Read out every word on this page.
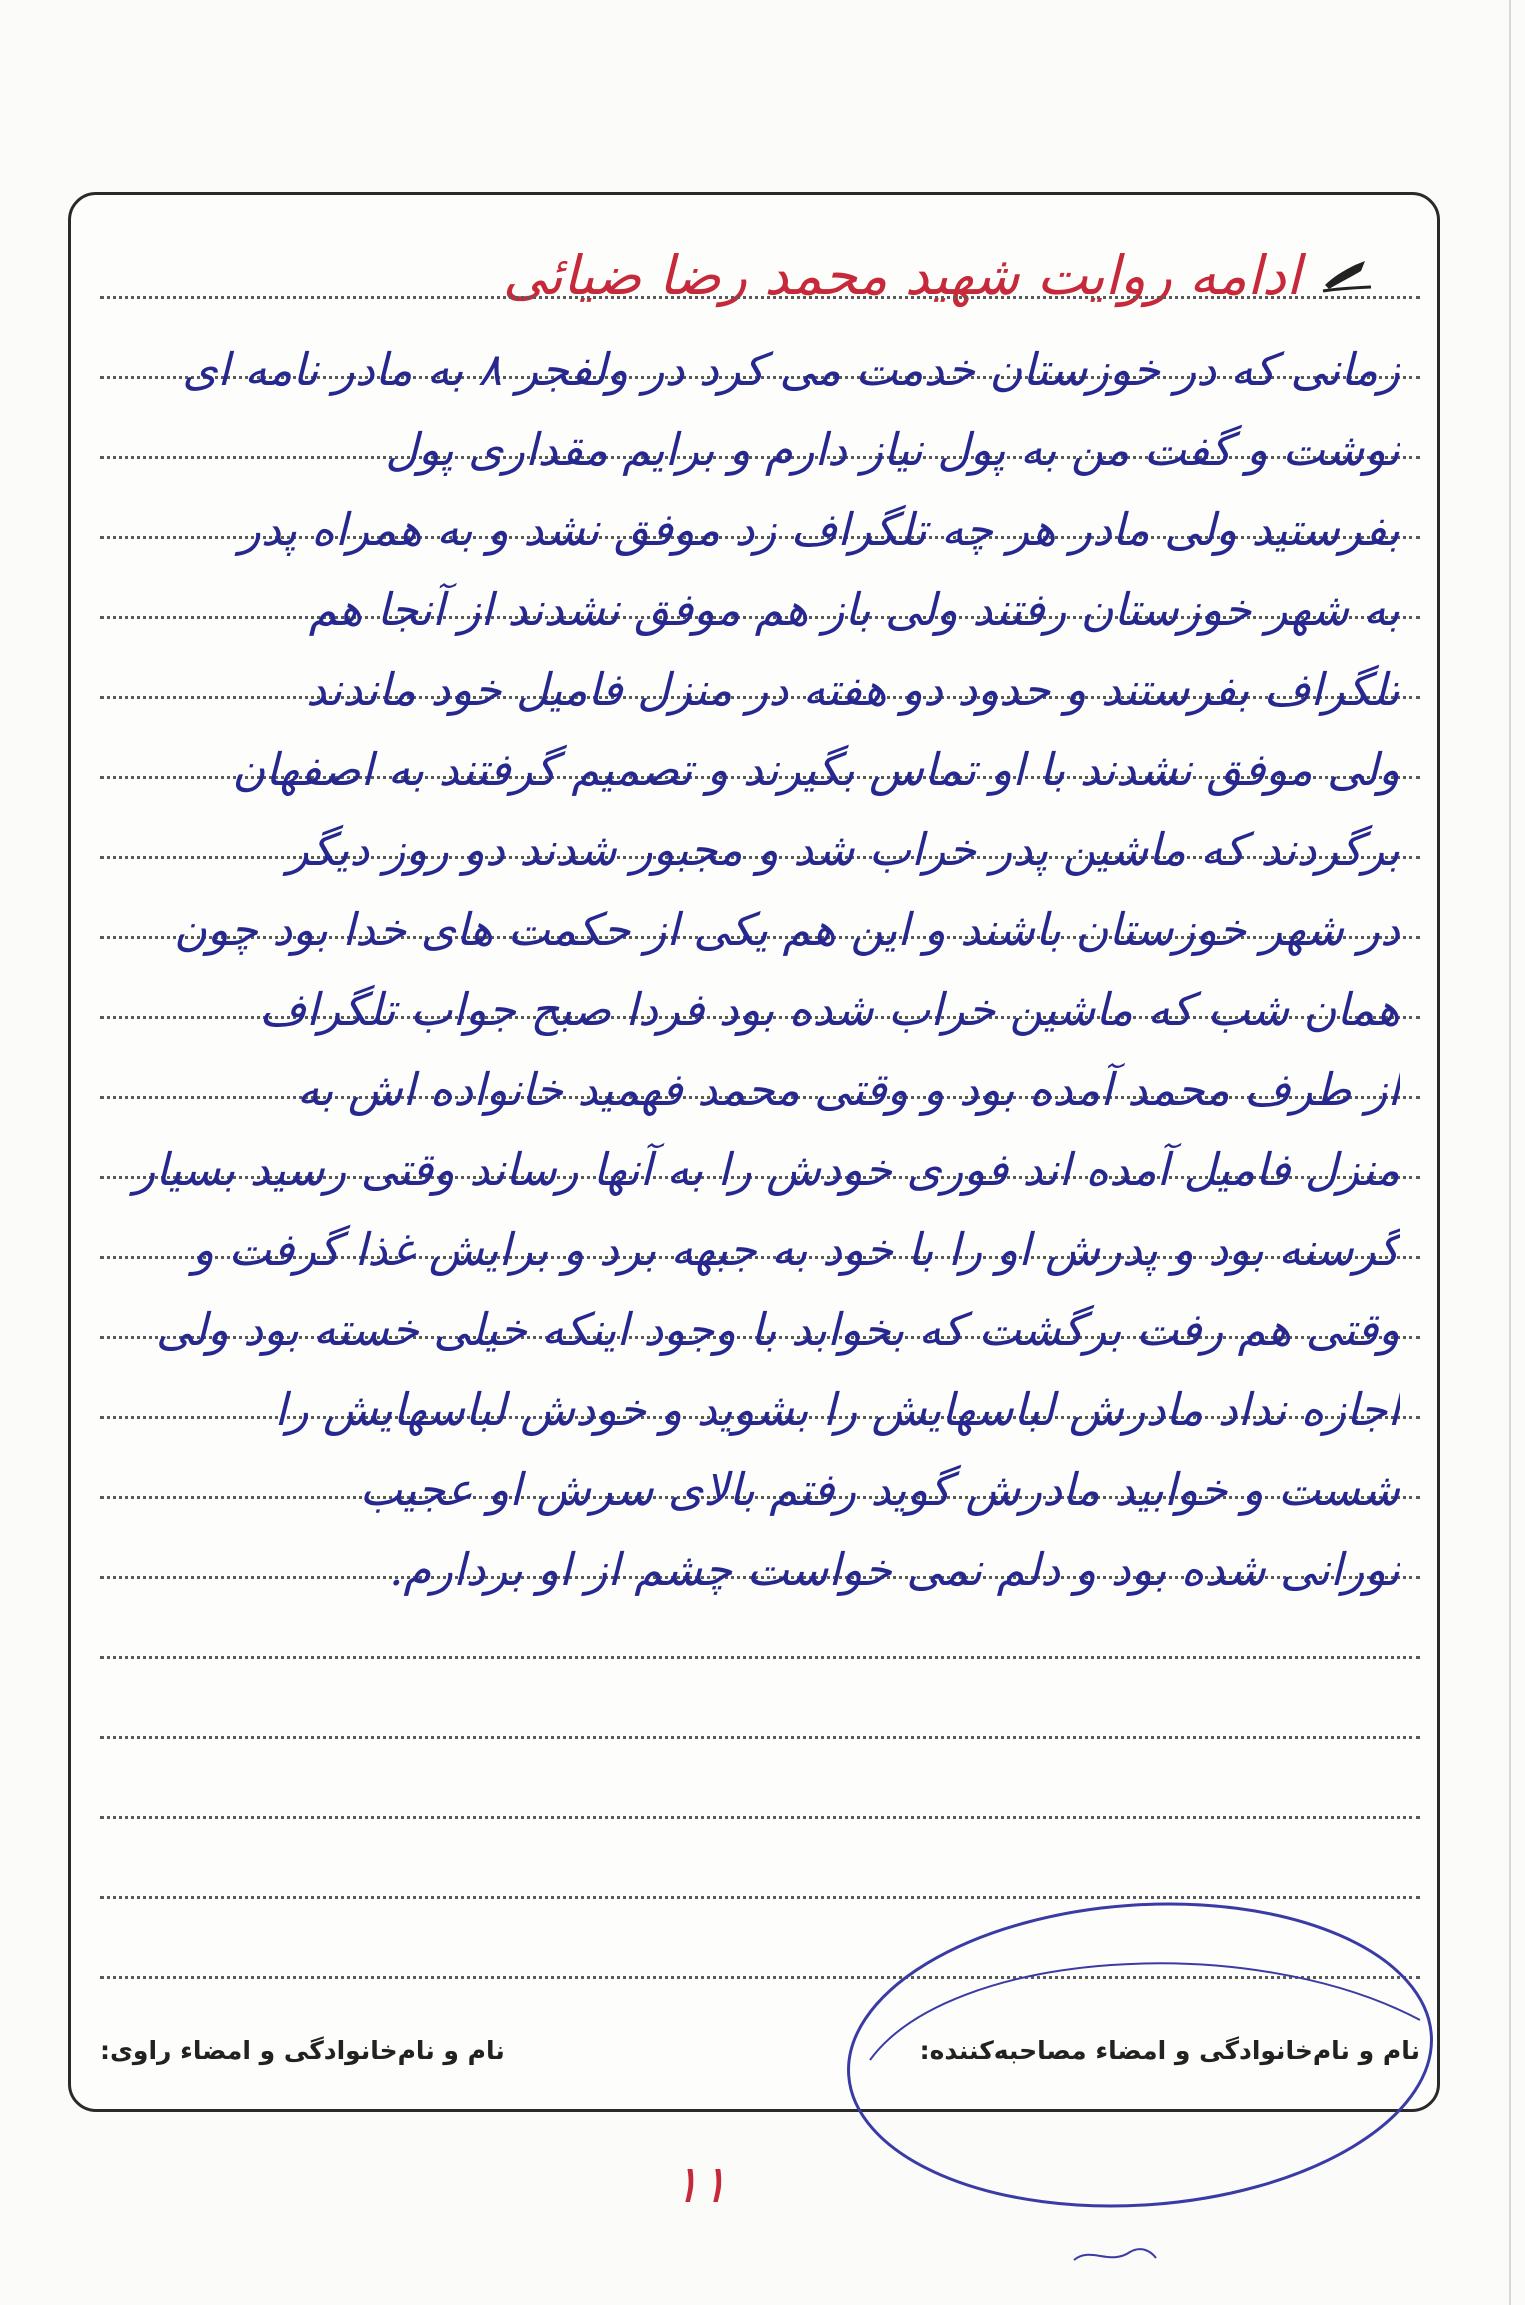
ادامه روایت شهید محمد رضا ضیائی
زمانی که در خوزستان خدمت می کرد در ولفجر ۸ به مادر نامه ای
نوشت و گفت من به پول نیاز دارم و برایم مقداری پول
بفرستید ولی مادر هر چه تلگراف زد موفق نشد و به همراه پدر
به شهر خوزستان رفتند ولی باز هم موفق نشدند از آنجا هم
تلگراف بفرستند و حدود دو هفته در منزل فامیل خود ماندند
ولی موفق نشدند با او تماس بگیرند و تصمیم گرفتند به اصفهان
برگردند که ماشین پدر خراب شد و مجبور شدند دو روز دیگر
در شهر خوزستان باشند و این هم یکی از حکمت های خدا بود چون
همان شب که ماشین خراب شده بود فردا صبح جواب تلگراف
از طرف محمد آمده بود و وقتی محمد فهمید خانواده اش به
منزل فامیل آمده اند فوری خودش را به آنها رساند وقتی رسید بسیار
گرسنه بود و پدرش او را با خود به جبهه برد و برایش غذا گرفت و
وقتی هم رفت برگشت که بخوابد با وجود اینکه خیلی خسته بود ولی
اجازه نداد مادرش لباسهایش را بشوید و خودش لباسهایش را
شست و خوابید مادرش گوید رفتم بالای سرش او عجیب
نورانی شده بود و دلم نمی خواست چشم از او بردارم.
نام و نام‌خانوادگی و امضاء مصاحبه‌کننده:
نام و نام‌خانوادگی و امضاء راوی:
۱۱
